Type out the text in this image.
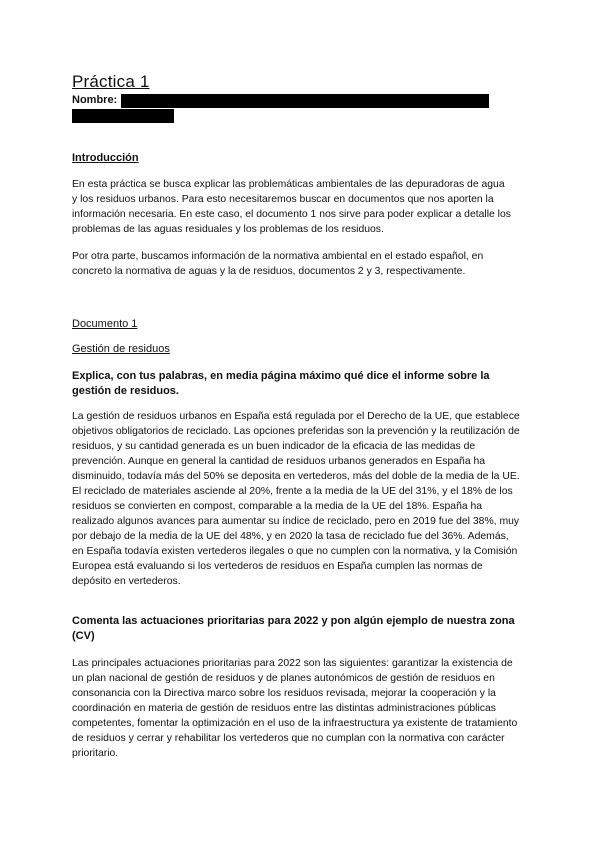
Práctica 1
Nombre:
Introducción

En esta práctica se busca explicar las problemáticas ambientales de las depuradoras de agua y los residuos urbanos. Para esto necesitaremos buscar en documentos que nos aporten la información necesaria. En este caso, el documento 1 nos sirve para poder explicar a detalle los problemas de las aguas residuales y los problemas de los residuos.

Por otra parte, buscamos información de la normativa ambiental en el estado español, en concreto la normativa de aguas y la de residuos, documentos 2 y 3, respectivamente.

Documento 1
Gestión de residuos
Explica, con tus palabras, en media página máximo qué dice el informe sobre la gestión de residuos.

La gestión de residuos urbanos en España está regulada por el Derecho de la UE, que establece objetivos obligatorios de reciclado. Las opciones preferidas son la prevención y la reutilización de residuos, y su cantidad generada es un buen indicador de la eficacia de las medidas de prevención. Aunque en general la cantidad de residuos urbanos generados en España ha disminuido, todavía más del 50% se deposita en vertederos, más del doble de la media de la UE. El reciclado de materiales asciende al 20%, frente a la media de la UE del 31%, y el 18% de los residuos se convierten en compost, comparable a la media de la UE del 18%. España ha realizado algunos avances para aumentar su índice de reciclado, pero en 2019 fue del 38%, muy por debajo de la media de la UE del 48%, y en 2020 la tasa de reciclado fue del 36%. Además, en España todavía existen vertederos ilegales o que no cumplen con la normativa, y la Comisión Europea está evaluando si los vertederos de residuos en España cumplen las normas de depósito en vertederos.

Comenta las actuaciones prioritarias para 2022 y pon algún ejemplo de nuestra zona (CV)

Las principales actuaciones prioritarias para 2022 son las siguientes: garantizar la existencia de un plan nacional de gestión de residuos y de planes autonómicos de gestión de residuos en consonancia con la Directiva marco sobre los residuos revisada, mejorar la cooperación y la coordinación en materia de gestión de residuos entre las distintas administraciones públicas competentes, fomentar la optimización en el uso de la infraestructura ya existente de tratamiento de residuos y cerrar y rehabilitar los vertederos que no cumplan con la normativa con carácter prioritario.
